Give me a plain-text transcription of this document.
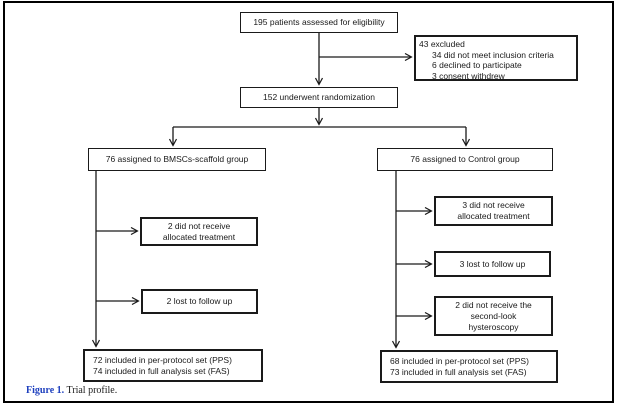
195 patients assessed for eligibility
43 excluded
34 did not meet inclusion criteria
6 declined to participate
3 consent withdrew
152 underwent randomization
76 assigned to BMSCs-scaffold group	76 assigned to Control group
2 did not receive
allocated treatment
2 lost to follow up
3 did not receive
allocated treatment
3 lost to follow up
2 did not receive the
second-look
hysteroscopy
72 included in per-protocol set (PPS)
74 included in full analysis set (FAS)
68 included in per-protocol set (PPS)
73 included in full analysis set (FAS)
Figure 1. Trial profile.
